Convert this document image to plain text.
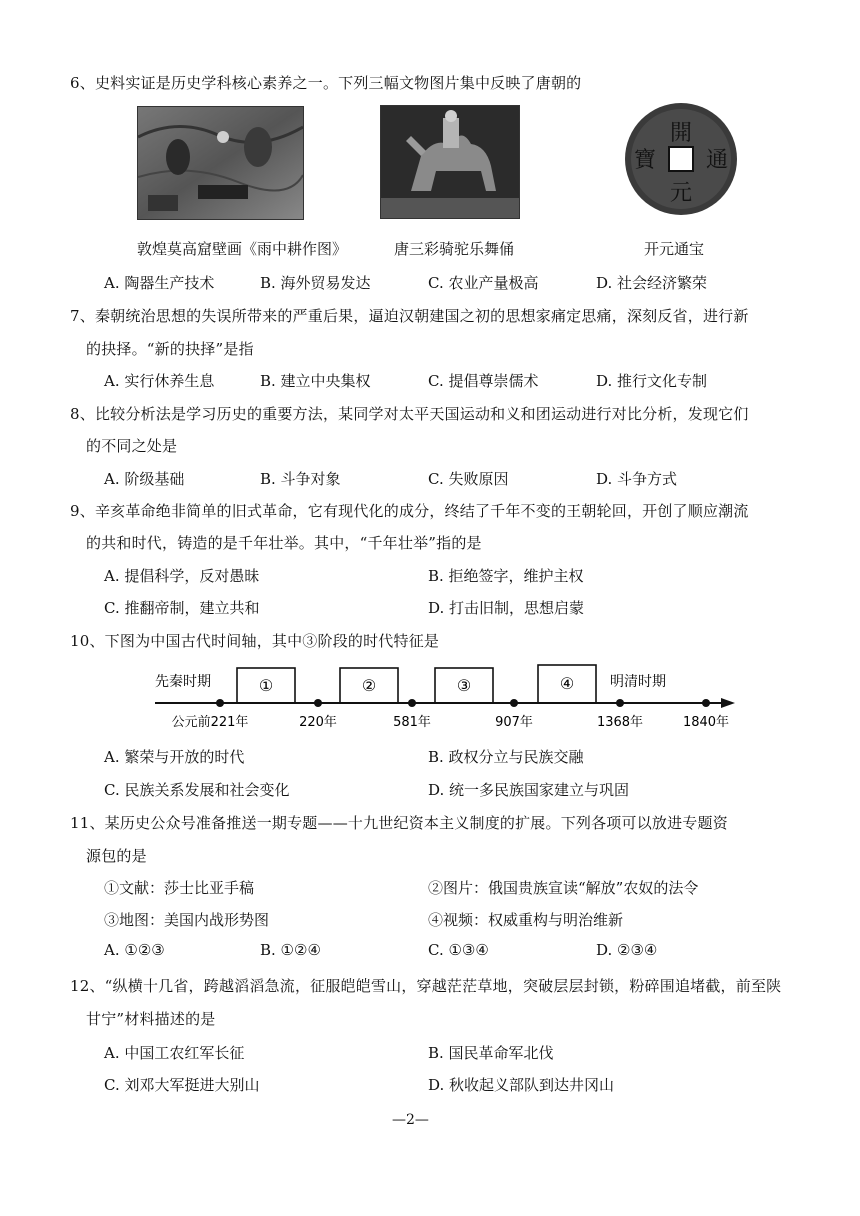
6、史料实证是历史学科核心素养之一。下列三幅文物图片集中反映了唐朝的
開
通
元
寶
敦煌莫高窟壁画《雨中耕作图》	唐三彩骑驼乐舞俑	开元通宝
A. 陶器生产技术	B. 海外贸易发达	C. 农业产量极高	D. 社会经济繁荣
7、秦朝统治思想的失误所带来的严重后果，逼迫汉朝建国之初的思想家痛定思痛，深刻反省，进行新
的抉择。“新的抉择”是指
A. 实行休养生息	B. 建立中央集权	C. 提倡尊崇儒术	D. 推行文化专制
8、比较分析法是学习历史的重要方法，某同学对太平天国运动和义和团运动进行对比分析，发现它们
的不同之处是
A. 阶级基础	B. 斗争对象	C. 失败原因	D. 斗争方式
9、辛亥革命绝非简单的旧式革命，它有现代化的成分，终结了千年不变的王朝轮回，开创了顺应潮流
的共和时代，铸造的是千年壮举。其中，“千年壮举”指的是
A. 提倡科学，反对愚昧	B. 拒绝签字，维护主权
C. 推翻帝制，建立共和	D. 打击旧制，思想启蒙
10、下图为中国古代时间轴，其中③阶段的时代特征是
①	②	③	④
先秦时期	明清时期
公元前221年	220年	581年	907年	1368年	1840年
A. 繁荣与开放的时代	B. 政权分立与民族交融
C. 民族关系发展和社会变化	D. 统一多民族国家建立与巩固
11、某历史公众号准备推送一期专题——十九世纪资本主义制度的扩展。下列各项可以放进专题资
源包的是
①文献：莎士比亚手稿	②图片：俄国贵族宣读“解放”农奴的法令
③地图：美国内战形势图	④视频：权威重构与明治维新
A. ①②③	B. ①②④	C. ①③④	D. ②③④
12、“纵横十几省，跨越滔滔急流，征服皑皑雪山，穿越茫茫草地，突破层层封锁，粉碎围追堵截，前至陕
甘宁”材料描述的是
A. 中国工农红军长征	B. 国民革命军北伐
C. 刘邓大军挺进大别山	D. 秋收起义部队到达井冈山
—2—
